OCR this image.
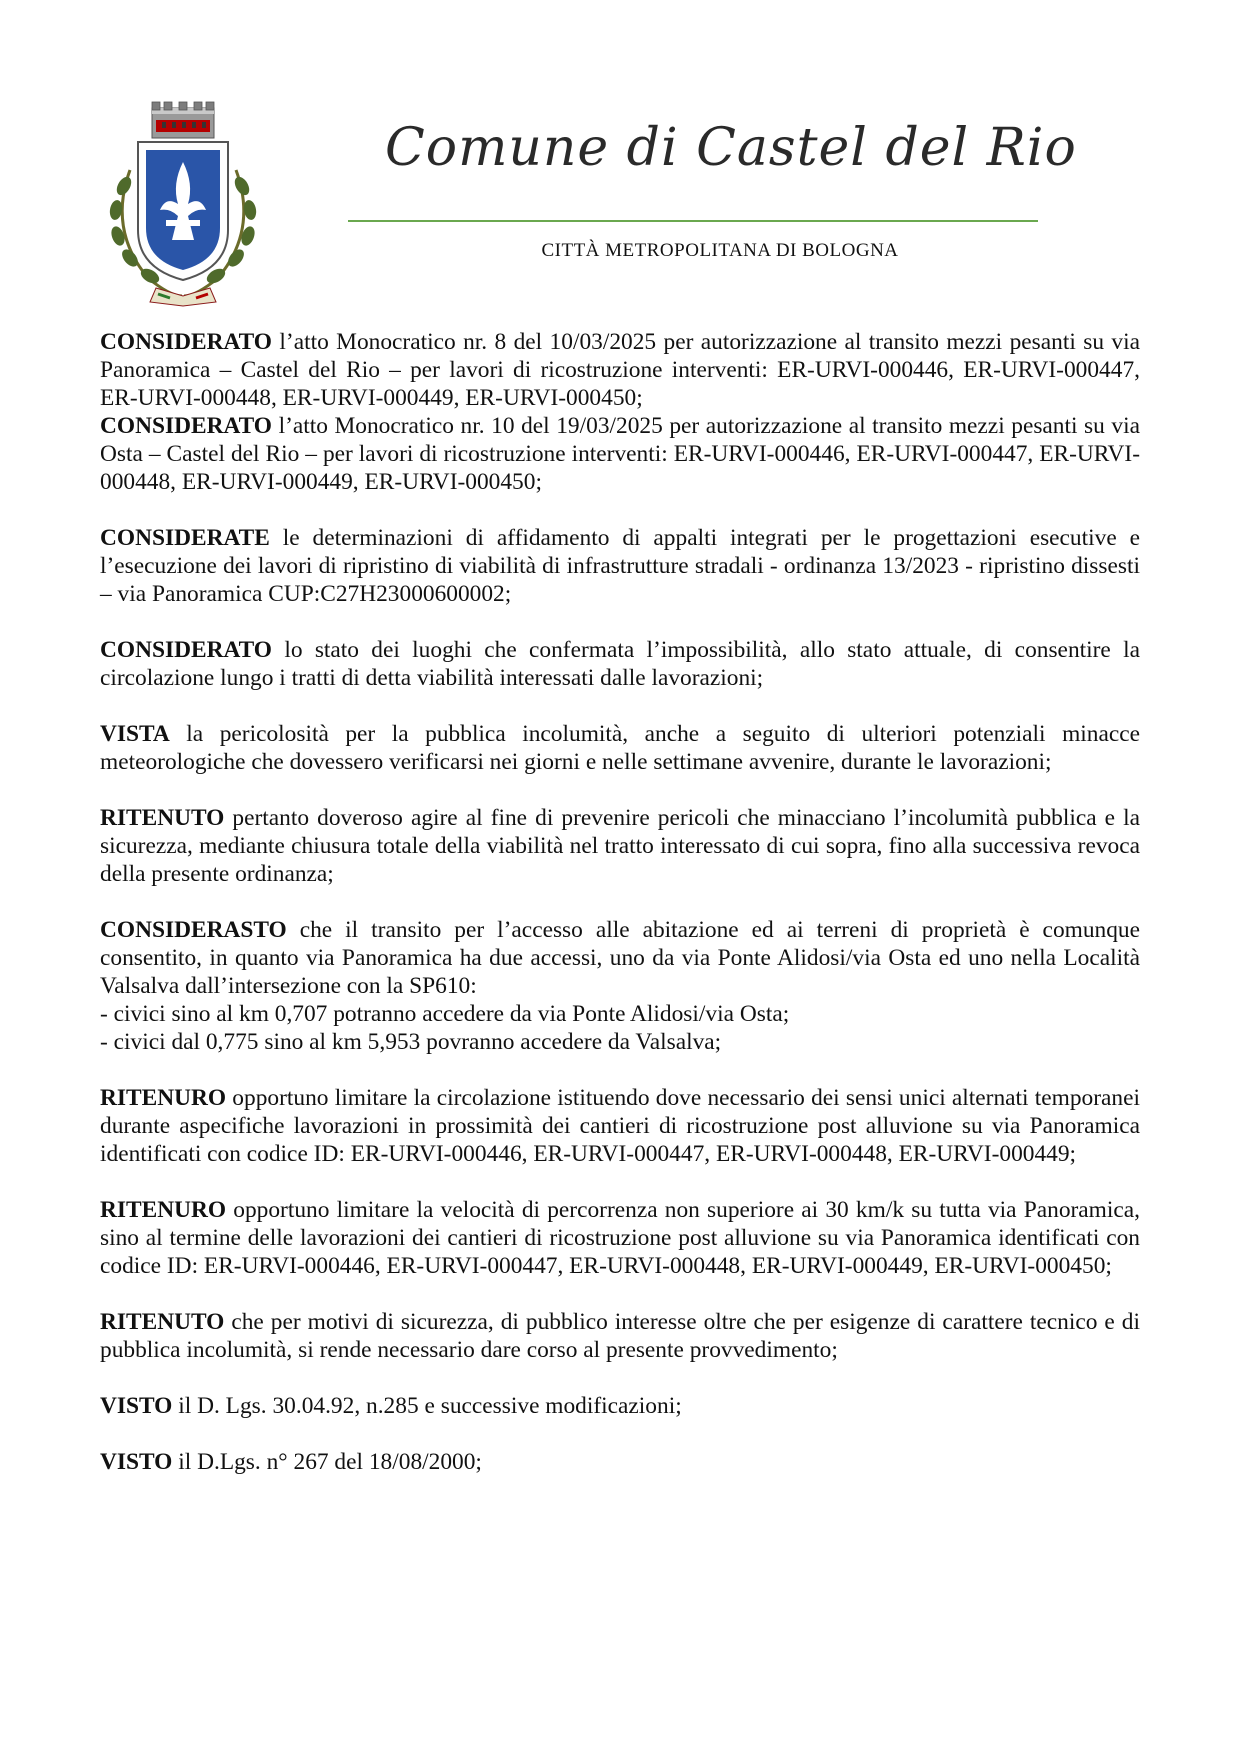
Comune di Castel del Rio
CITTÀ METROPOLITANA DI BOLOGNA

CONSIDERATO l’atto Monocratico nr. 8 del 10/03/2025 per autorizzazione al transito mezzi pesanti su via Panoramica – Castel del Rio – per lavori di ricostruzione interventi: ER-URVI-000446, ER-URVI-000447, ER-URVI-000448, ER-URVI-000449, ER-URVI-000450;

CONSIDERATO l’atto Monocratico nr. 10 del 19/03/2025 per autorizzazione al transito mezzi pesanti su via Osta – Castel del Rio – per lavori di ricostruzione interventi: ER-URVI-000446, ER-URVI-000447, ER-URVI-000448, ER-URVI-000449, ER-URVI-000450;

CONSIDERATE le determinazioni di affidamento di appalti integrati per le progettazioni esecutive e l’esecuzione dei lavori di ripristino di viabilità di infrastrutture stradali - ordinanza 13/2023 - ripristino dissesti – via Panoramica CUP:C27H23000600002;

CONSIDERATO lo stato dei luoghi che confermata l’impossibilità, allo stato attuale, di consentire la circolazione lungo i tratti di detta viabilità interessati dalle lavorazioni;

VISTA la pericolosità per la pubblica incolumità, anche a seguito di ulteriori potenziali minacce meteorologiche che dovessero verificarsi nei giorni e nelle settimane avvenire, durante le lavorazioni;

RITENUTO pertanto doveroso agire al fine di prevenire pericoli che minacciano l’incolumità pubblica e la sicurezza, mediante chiusura totale della viabilità nel tratto interessato di cui sopra, fino alla successiva revoca della presente ordinanza;

CONSIDERASTO che il transito per l’accesso alle abitazione ed ai terreni di proprietà è comunque consentito, in quanto via Panoramica ha due accessi, uno da via Ponte Alidosi/via Osta ed uno nella Località Valsalva dall’intersezione con la SP610:
- civici sino al km 0,707 potranno accedere da via Ponte Alidosi/via Osta;
- civici dal 0,775 sino al km 5,953 povranno accedere da Valsalva;

RITENURO opportuno limitare la circolazione istituendo dove necessario dei sensi unici alternati temporanei durante aspecifiche lavorazioni in prossimità dei cantieri di ricostruzione post alluvione su via Panoramica identificati con codice ID: ER-URVI-000446, ER-URVI-000447, ER-URVI-000448, ER-URVI-000449;

RITENURO opportuno limitare la velocità di percorrenza non superiore ai 30 km/k su tutta via Panoramica, sino al termine delle lavorazioni dei cantieri di ricostruzione post alluvione su via Panoramica identificati con codice ID: ER-URVI-000446, ER-URVI-000447, ER-URVI-000448, ER-URVI-000449, ER-URVI-000450;

RITENUTO che per motivi di sicurezza, di pubblico interesse oltre che per esigenze di carattere tecnico e di pubblica incolumità, si rende necessario dare corso al presente provvedimento;

VISTO il D. Lgs. 30.04.92, n.285 e successive modificazioni;

VISTO il D.Lgs. n° 267 del 18/08/2000;
